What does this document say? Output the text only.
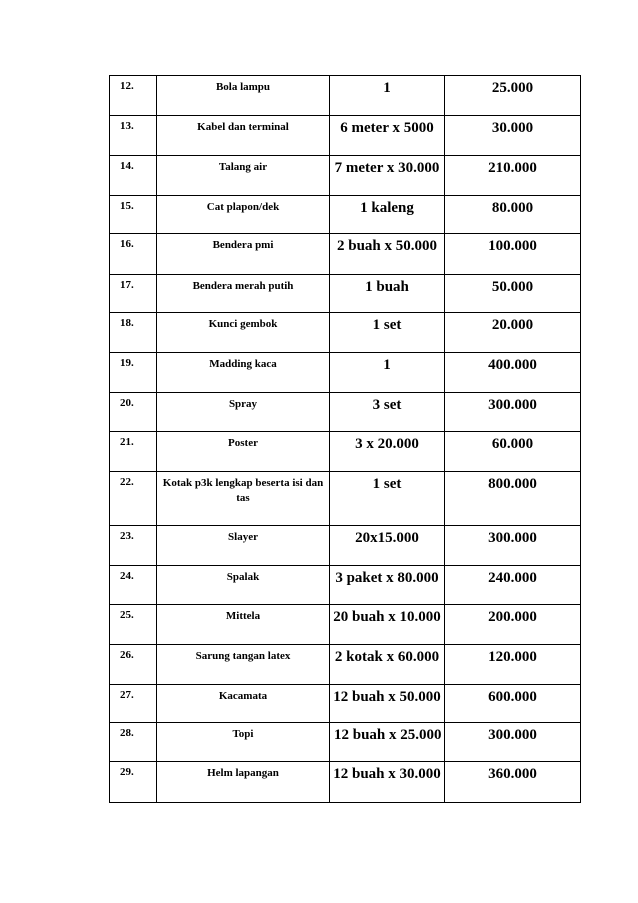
12.	Bola lampu	1	25.000
13.	Kabel dan terminal	6 meter x 5000	30.000
14.	Talang air	7 meter x 30.000	210.000
15.	Cat plapon/dek	1 kaleng	80.000
16.	Bendera pmi	2 buah x 50.000	100.000
17.	Bendera merah putih	1 buah	50.000
18.	Kunci gembok	1 set	20.000
19.	Madding kaca	1	400.000
20.	Spray	3 set	300.000
21.	Poster	3 x 20.000	60.000
22.	Kotak p3k lengkap beserta isi dan tas	1 set	800.000
23.	Slayer	20x15.000	300.000
24.	Spalak	3 paket x 80.000	240.000
25.	Mittela	20 buah x 10.000	200.000
26.	Sarung tangan latex	2 kotak x 60.000	120.000
27.	Kacamata	12 buah x 50.000	600.000
28.	Topi	12 buah x 25.000	300.000
29.	Helm lapangan	12 buah x 30.000	360.000
